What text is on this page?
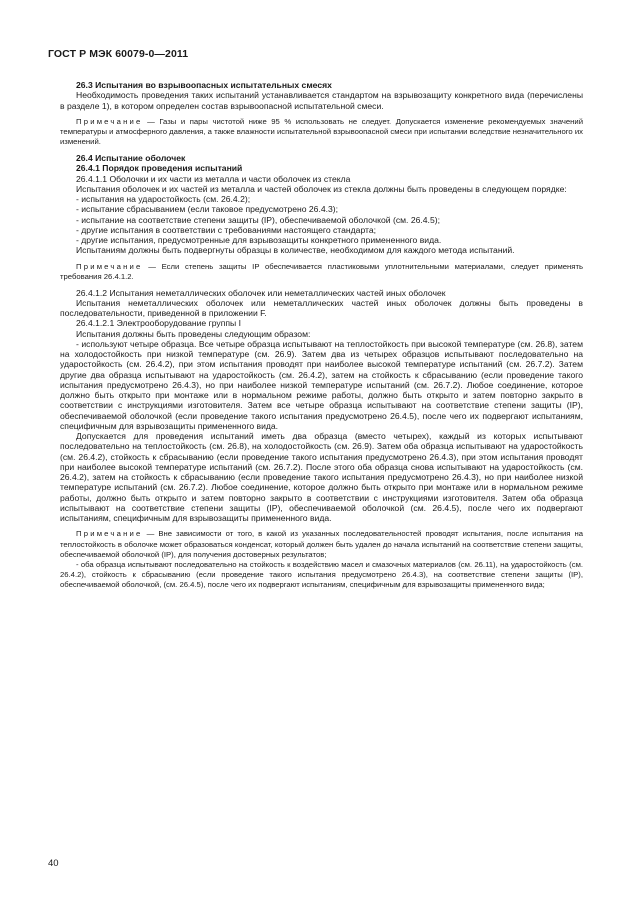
ГОСТ Р МЭК 60079-0—2011

26.3 Испытания во взрывоопасных испытательных смесях

Необходимость проведения таких испытаний устанавливается стандартом на взрывозащиту конкретного вида (перечислены в разделе 1), в котором определен состав взрывоопасной испытательной смеси.

Примечание — Газы и пары чистотой ниже 95 % использовать не следует. Допускается изменение рекомендуемых значений температуры и атмосферного давления, а также влажности испытательной взрывоопасной смеси при испытании вследствие незначительного их изменений.

26.4 Испытание оболочек

26.4.1 Порядок проведения испытаний

26.4.1.1 Оболочки и их части из металла и части оболочек из стекла

Испытания оболочек и их частей из металла и частей оболочек из стекла должны быть проведены в следующем порядке:

- испытания на ударостойкость (см. 26.4.2);

- испытание сбрасыванием (если таковое предусмотрено 26.4.3);

- испытание на соответствие степени защиты (IP), обеспечиваемой оболочкой (см. 26.4.5);

- другие испытания в соответствии с требованиями настоящего стандарта;

- другие испытания, предусмотренные для взрывозащиты конкретного примененного вида.

Испытаниям должны быть подвергнуты образцы в количестве, необходимом для каждого метода испытаний.

Примечание — Если степень защиты IP обеспечивается пластиковыми уплотнительными материалами, следует применять требования 26.4.1.2.

26.4.1.2 Испытания неметаллических оболочек или неметаллических частей иных оболочек

Испытания неметаллических оболочек или неметаллических частей иных оболочек должны быть проведены в последовательности, приведенной в приложении F.

26.4.1.2.1 Электрооборудование группы I

Испытания должны быть проведены следующим образом:

- используют четыре образца. Все четыре образца испытывают на теплостойкость при высокой температуре (см. 26.8), затем на холодостойкость при низкой температуре (см. 26.9). Затем два из четырех образцов испытывают последовательно на ударостойкость (см. 26.4.2), при этом испытания проводят при наиболее высокой температуре испытаний (см. 26.7.2). Затем другие два образца испытывают на ударостойкость (см. 26.4.2), затем на стойкость к сбрасыванию (если проведение такого испытания предусмотрено 26.4.3), но при наиболее низкой температуре испытаний (см. 26.7.2). Любое соединение, которое должно быть открыто при монтаже или в нормальном режиме работы, должно быть открыто и затем повторно закрыто в соответствии с инструкциями изготовителя. Затем все четыре образца испытывают на соответствие степени защиты (IP), обеспечиваемой оболочкой (если проведение такого испытания предусмотрено 26.4.5), после чего их подвергают испытаниям, специфичным для взрывозащиты примененного вида.

Допускается для проведения испытаний иметь два образца (вместо четырех), каждый из которых испытывают последовательно на теплостойкость (см. 26.8), на холодостойкость (см. 26.9). Затем оба образца испытывают на ударостойкость (см. 26.4.2), стойкость к сбрасыванию (если проведение такого испытания предусмотрено 26.4.3), при этом испытания проводят при наиболее высокой температуре испытаний (см. 26.7.2). После этого оба образца снова испытывают на ударостойкость (см. 26.4.2), затем на стойкость к сбрасыванию (если проведение такого испытания предусмотрено 26.4.3), но при наиболее низкой температуре испытаний (см. 26.7.2). Любое соединение, которое должно быть открыто при монтаже или в нормальном режиме работы, должно быть открыто и затем повторно закрыто в соответствии с инструкциями изготовителя. Затем оба образца испытывают на соответствие степени защиты (IP), обеспечиваемой оболочкой (см. 26.4.5), после чего их подвергают испытаниям, специфичным для взрывозащиты примененного вида.

Примечание — Вне зависимости от того, в какой из указанных последовательностей проводят испытания, после испытания на теплостойкость в оболочке может образоваться конденсат, который должен быть удален до начала испытаний на соответствие степени защиты, обеспечиваемой оболочкой (IP), для получения достоверных результатов;

- оба образца испытывают последовательно на стойкость к воздействию масел и смазочных материалов (см. 26.11), на ударостойкость (см. 26.4.2), стойкость к сбрасыванию (если проведение такого испытания предусмотрено 26.4.3), на соответствие степени защиты (IP), обеспечиваемой оболочкой, (см. 26.4.5), после чего их подвергают испытаниям, специфичным для взрывозащиты примененного вида;

40
